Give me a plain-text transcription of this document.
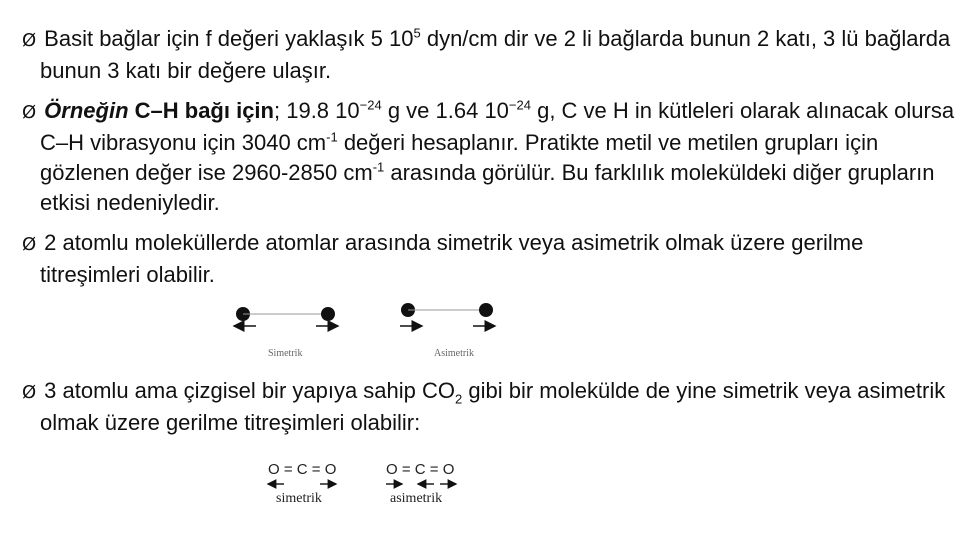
Ø Basit bağlar için f değeri yaklaşık 5 $10^5$ dyn/cm dir ve 2 li bağlarda bunun 2 katı, 3 lü bağlarda bunun 3 katı bir değere ulaşır.
Ø Örneğin C–H bağı için; 19.8 $10^{-24}$ g ve 1.64 $10^{-24}$ g, C ve H in kütleleri olarak alınacak olursa C–H vibrasyonu için 3040 $cm^{-1}$ değeri hesaplanır. Pratikte metil ve metilen grupları için gözlenen değer ise 2960-2850 $cm^{-1}$ arasında görülür. Bu farklılık moleküldeki diğer grupların etkisi nedeniyledir.
Ø 2 atomlu moleküllerde atomlar arasında simetrik veya asimetrik olmak üzere gerilme titreşimleri olabilir.
Simetrik	Asimetrik
Ø 3 atomlu ama çizgisel bir yapıya sahip $CO_2$ gibi bir molekülde de yine simetrik veya asimetrik olmak üzere gerilme titreşimleri olabilir:
O = C = O
simetrik
O = C = O
asimetrik
